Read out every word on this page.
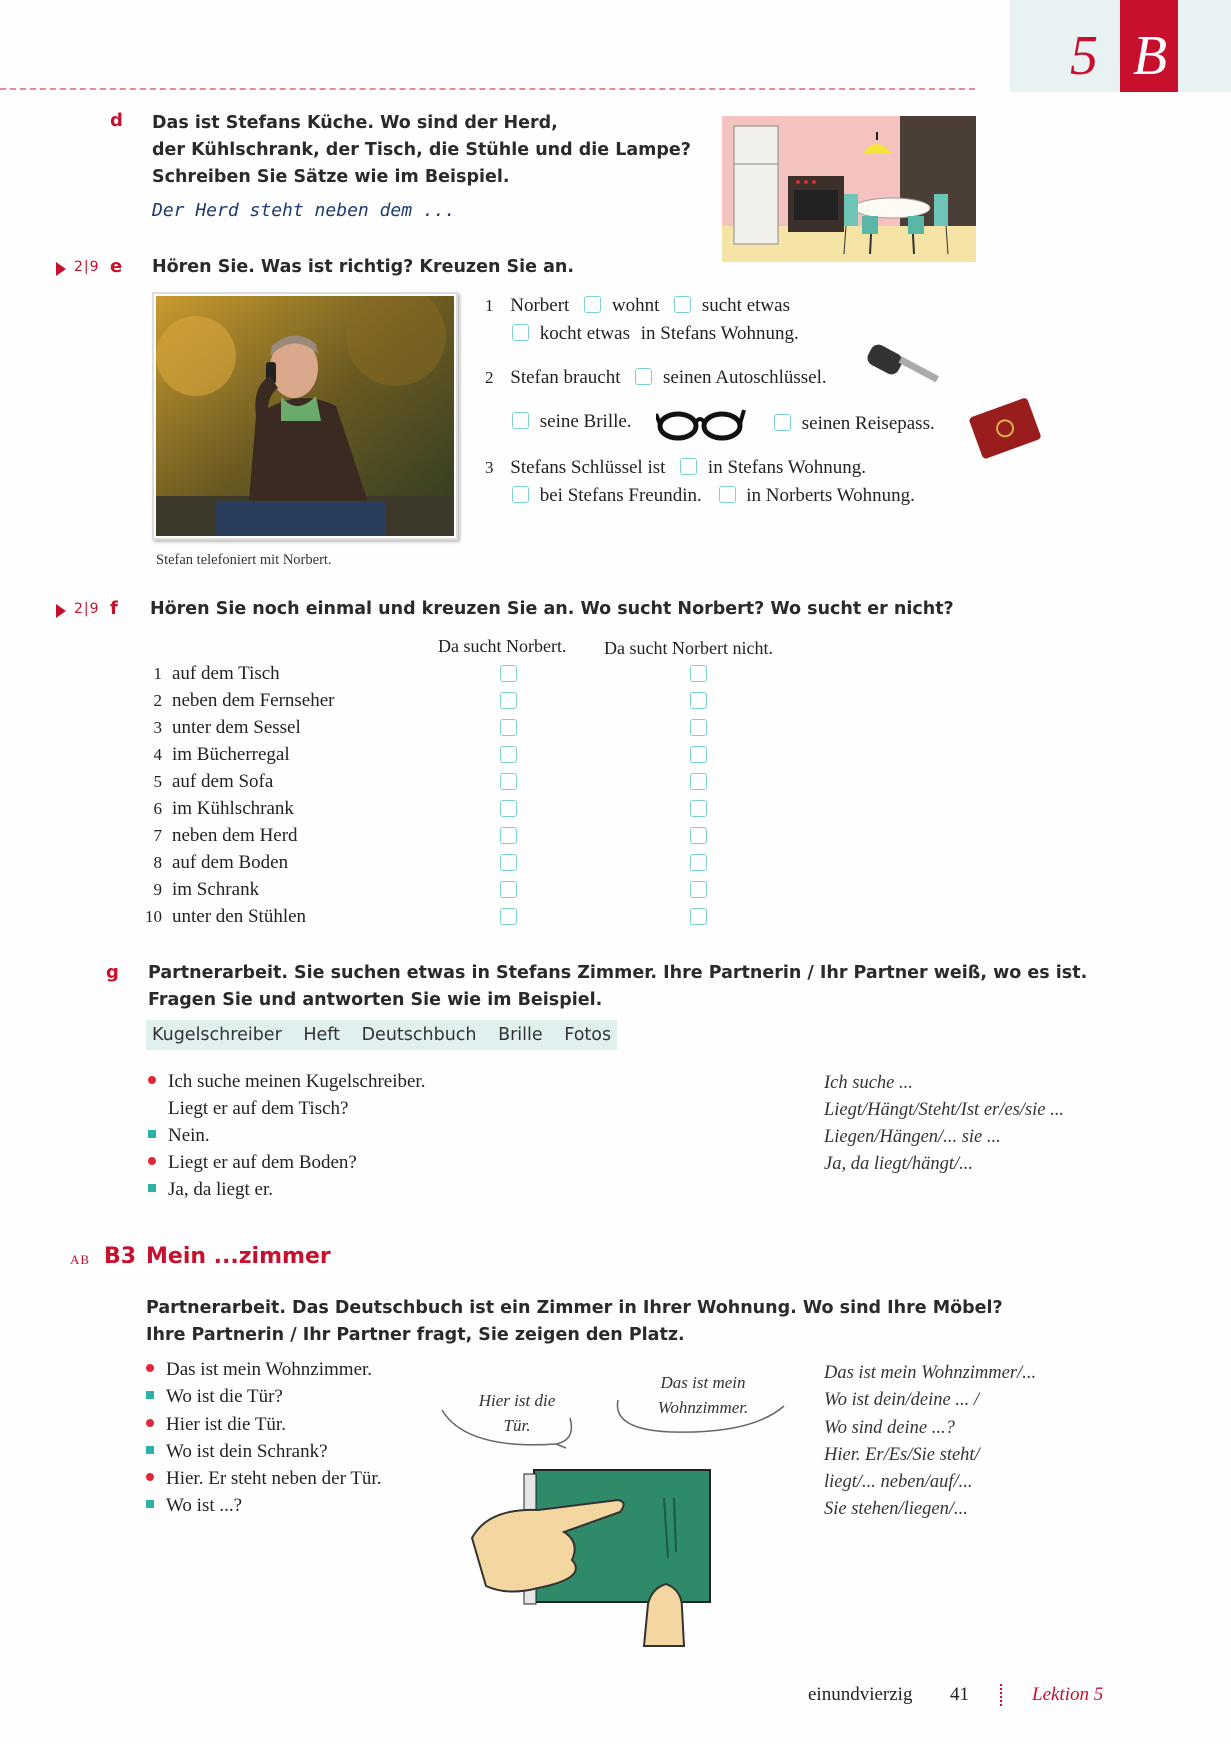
5 B
d Das ist Stefans Küche. Wo sind der Herd,
der Kühlschrank, der Tisch, die Stühle und die Lampe?
Schreiben Sie Sätze wie im Beispiel.
Der Herd steht neben dem ...
2|9 e Hören Sie. Was ist richtig? Kreuzen Sie an.
Stefan telefoniert mit Norbert.
1 Norbert wohnt sucht etwas
kocht etwas in Stefans Wohnung.
2 Stefan braucht seinen Autoschlüssel.
seine Brille.	seinen Reisepass.
3 Stefans Schlüssel ist in Stefans Wohnung.
bei Stefans Freundin. in Norberts Wohnung.
2|9 f Hören Sie noch einmal und kreuzen Sie an. Wo sucht Norbert? Wo sucht er nicht?
Da sucht Norbert. Da sucht Norbert nicht.
1 auf dem Tisch
2 neben dem Fernseher
3 unter dem Sessel
4 im Bücherregal
5 auf dem Sofa
6 im Kühlschrank
7 neben dem Herd
8 auf dem Boden
9 im Schrank
10 unter den Stühlen
g Partnerarbeit. Sie suchen etwas in Stefans Zimmer. Ihre Partnerin / Ihr Partner weiß, wo es ist.
Fragen Sie und antworten Sie wie im Beispiel.
Kugelschreiber Heft Deutschbuch Brille Fotos
Ich suche meinen Kugelschreiber.
Liegt er auf dem Tisch?
Nein.
Liegt er auf dem Boden?
Ja, da liegt er.
Ich suche ...
Liegt/Hängt/Steht/Ist er/es/sie ...
Liegen/Hängen/... sie ...
Ja, da liegt/hängt/...
AB B3 Mein ...zimmer
Partnerarbeit. Das Deutschbuch ist ein Zimmer in Ihrer Wohnung. Wo sind Ihre Möbel?
Ihre Partnerin / Ihr Partner fragt, Sie zeigen den Platz.
Das ist mein Wohnzimmer.
Wo ist die Tür?
Hier ist die Tür.
Wo ist dein Schrank?
Hier. Er steht neben der Tür.
Wo ist ...?
Hier ist die
Tür.
Das ist mein
Wohnzimmer.
Das ist mein Wohnzimmer/...
Wo ist dein/deine ... /
Wo sind deine ...?
Hier. Er/Es/Sie steht/
liegt/... neben/auf/...
Sie stehen/liegen/...
einundvierzig 41	Lektion 5
